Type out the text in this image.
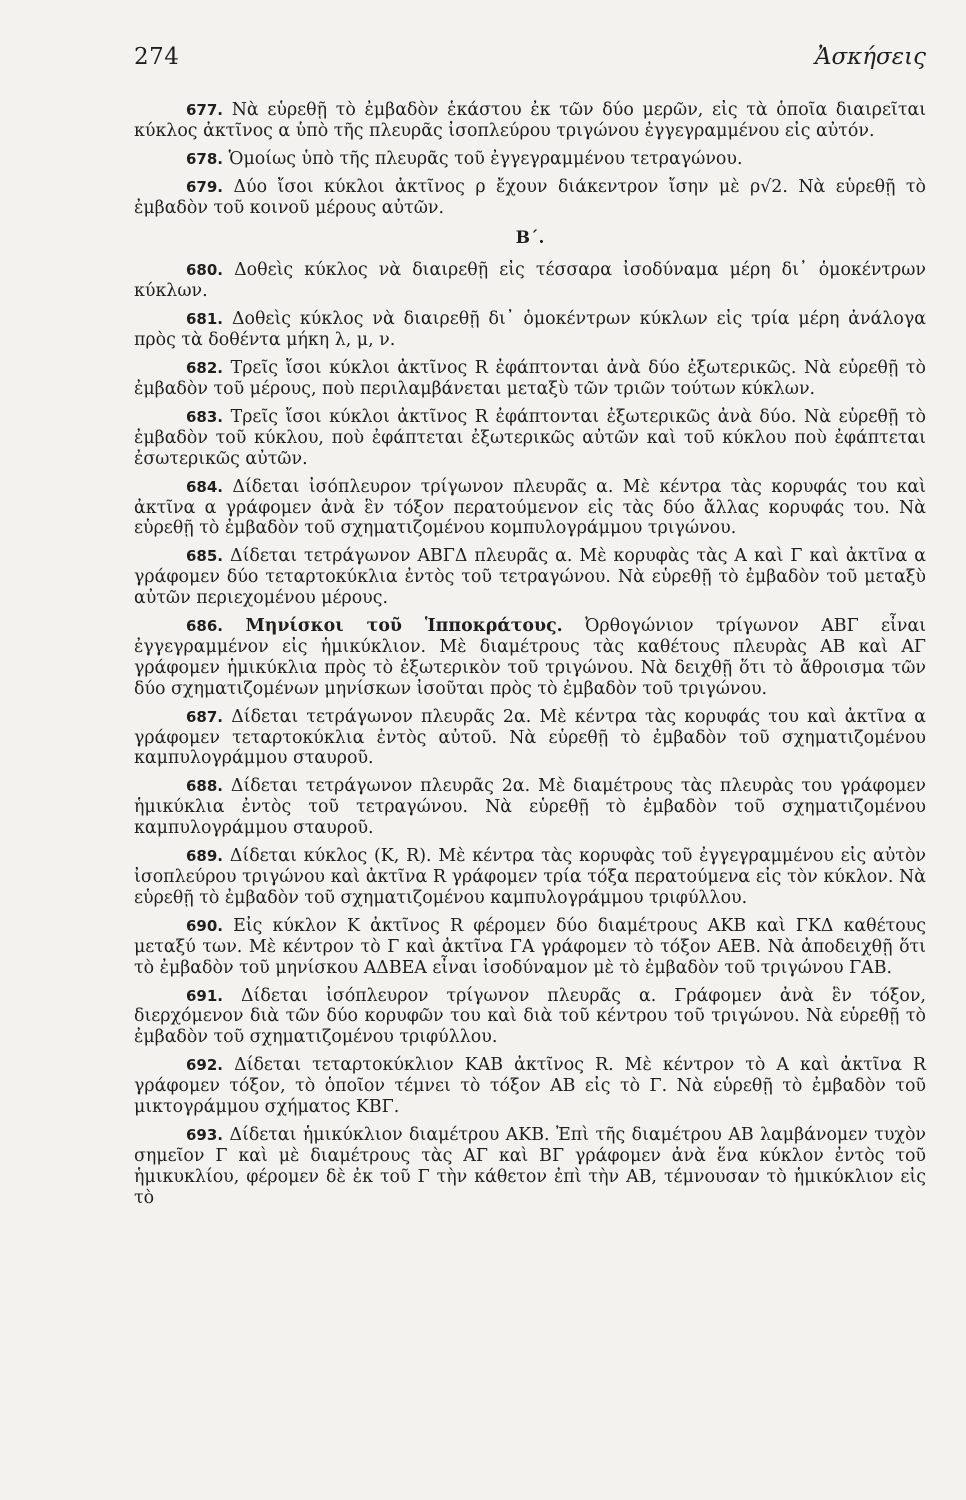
274	Ἀσκήσεις

677. Νὰ εὑρεθῇ τὸ ἐμβαδὸν ἑκάστου ἐκ τῶν δύο μερῶν, εἰς τὰ ὁποῖα διαιρεῖται κύκλος ἀκτῖνος α ὑπὸ τῆς πλευρᾶς ἰσοπλεύρου τριγώνου ἐγγεγραμμένου εἰς αὐτόν.

678. Ὁμοίως ὑπὸ τῆς πλευρᾶς τοῦ ἐγγεγραμμένου τετραγώνου.

679. Δύο ἴσοι κύκλοι ἀκτῖνος ρ ἔχουν διάκεντρον ἴσην μὲ ρ√2. Νὰ εὑρεθῇ τὸ ἐμβαδὸν τοῦ κοινοῦ μέρους αὐτῶν.

Β΄.

680. Δοθεὶς κύκλος νὰ διαιρεθῇ εἰς τέσσαρα ἰσοδύναμα μέρη δι᾿ ὁμοκέντρων κύκλων.

681. Δοθεὶς κύκλος νὰ διαιρεθῇ δι᾿ ὁμοκέντρων κύκλων εἰς τρία μέρη ἀνάλογα πρὸς τὰ δοθέντα μήκη λ, μ, ν.

682. Τρεῖς ἴσοι κύκλοι ἀκτῖνος R ἐφάπτονται ἀνὰ δύο ἐξωτερικῶς. Νὰ εὑρεθῇ τὸ ἐμβαδὸν τοῦ μέρους, ποὺ περιλαμβάνεται μεταξὺ τῶν τριῶν τούτων κύκλων.

683. Τρεῖς ἴσοι κύκλοι ἀκτῖνος R ἐφάπτονται ἐξωτερικῶς ἀνὰ δύο. Νὰ εὑρεθῇ τὸ ἐμβαδὸν τοῦ κύκλου, ποὺ ἐφάπτεται ἐξωτερικῶς αὐτῶν καὶ τοῦ κύκλου ποὺ ἐφάπτεται ἐσωτερικῶς αὐτῶν.

684. Δίδεται ἰσόπλευρον τρίγωνον πλευρᾶς α. Μὲ κέντρα τὰς κορυφάς του καὶ ἀκτῖνα α γράφομεν ἀνὰ ἓν τόξον περατούμενον εἰς τὰς δύο ἄλλας κορυφάς του. Νὰ εὑρεθῇ τὸ ἐμβαδὸν τοῦ σχηματιζομένου κομπυλογράμμου τριγώνου.

685. Δίδεται τετράγωνον ΑΒΓΔ πλευρᾶς α. Μὲ κορυφὰς τὰς Α καὶ Γ καὶ ἀκτῖνα α γράφομεν δύο τεταρτοκύκλια ἐντὸς τοῦ τετραγώνου. Νὰ εὑρεθῇ τὸ ἐμβαδὸν τοῦ μεταξὺ αὐτῶν περιεχομένου μέρους.

686. Μηνίσκοι τοῦ Ἱπποκράτους. Ὀρθογώνιον τρίγωνον ΑΒΓ εἶναι ἐγγεγραμμένον εἰς ἡμικύκλιον. Μὲ διαμέτρους τὰς καθέτους πλευρὰς ΑΒ καὶ ΑΓ γράφομεν ἡμικύκλια πρὸς τὸ ἐξωτερικὸν τοῦ τριγώνου. Νὰ δειχθῇ ὅτι τὸ ἄθροισμα τῶν δύο σχηματιζομένων μηνίσκων ἰσοῦται πρὸς τὸ ἐμβαδὸν τοῦ τριγώνου.

687. Δίδεται τετράγωνον πλευρᾶς 2α. Μὲ κέντρα τὰς κορυφάς του καὶ ἀκτῖνα α γράφομεν τεταρτοκύκλια ἐντὸς αὐτοῦ. Νὰ εὑρεθῇ τὸ ἐμβαδὸν τοῦ σχηματιζομένου καμπυλογράμμου σταυροῦ.

688. Δίδεται τετράγωνον πλευρᾶς 2α. Μὲ διαμέτρους τὰς πλευρὰς του γράφομεν ἡμικύκλια ἐντὸς τοῦ τετραγώνου. Νὰ εὑρεθῇ τὸ ἐμβαδὸν τοῦ σχηματιζομένου καμπυλογράμμου σταυροῦ.

689. Δίδεται κύκλος (Κ, R). Μὲ κέντρα τὰς κορυφὰς τοῦ ἐγγεγραμμένου εἰς αὐτὸν ἰσοπλεύρου τριγώνου καὶ ἀκτῖνα R γράφομεν τρία τόξα περατούμενα εἰς τὸν κύκλον. Νὰ εὑρεθῇ τὸ ἐμβαδὸν τοῦ σχηματιζομένου καμπυλογράμμου τριφύλλου.

690. Εἰς κύκλον Κ ἀκτῖνος R φέρομεν δύο διαμέτρους ΑΚΒ καὶ ΓΚΔ καθέτους μεταξύ των. Μὲ κέντρον τὸ Γ καὶ ἀκτῖνα ΓΑ γράφομεν τὸ τόξον ΑΕΒ. Νὰ ἀποδειχθῇ ὅτι τὸ ἐμβαδὸν τοῦ μηνίσκου ΑΔΒΕΑ εἶναι ἰσοδύναμον μὲ τὸ ἐμβαδὸν τοῦ τριγώνου ΓΑΒ.

691. Δίδεται ἰσόπλευρον τρίγωνον πλευρᾶς α. Γράφομεν ἀνὰ ἓν τόξον, διερχόμενον διὰ τῶν δύο κορυφῶν του καὶ διὰ τοῦ κέντρου τοῦ τριγώνου. Νὰ εὑρεθῇ τὸ ἐμβαδὸν τοῦ σχηματιζομένου τριφύλλου.

692. Δίδεται τεταρτοκύκλιον ΚΑΒ ἀκτῖνος R. Μὲ κέντρον τὸ Α καὶ ἀκτῖνα R γράφομεν τόξον, τὸ ὁποῖον τέμνει τὸ τόξον ΑΒ εἰς τὸ Γ. Νὰ εὑρεθῇ τὸ ἐμβαδὸν τοῦ μικτογράμμου σχήματος ΚΒΓ.

693. Δίδεται ἡμικύκλιον διαμέτρου ΑΚΒ. Ἐπὶ τῆς διαμέτρου ΑΒ λαμβάνομεν τυχὸν σημεῖον Γ καὶ μὲ διαμέτρους τὰς ΑΓ καὶ ΒΓ γράφομεν ἀνὰ ἕνα κύκλον ἐντὸς τοῦ ἡμικυκλίου, φέρομεν δὲ ἐκ τοῦ Γ τὴν κάθετον ἐπὶ τὴν ΑΒ, τέμνουσαν τὸ ἡμικύκλιον εἰς τὸ
